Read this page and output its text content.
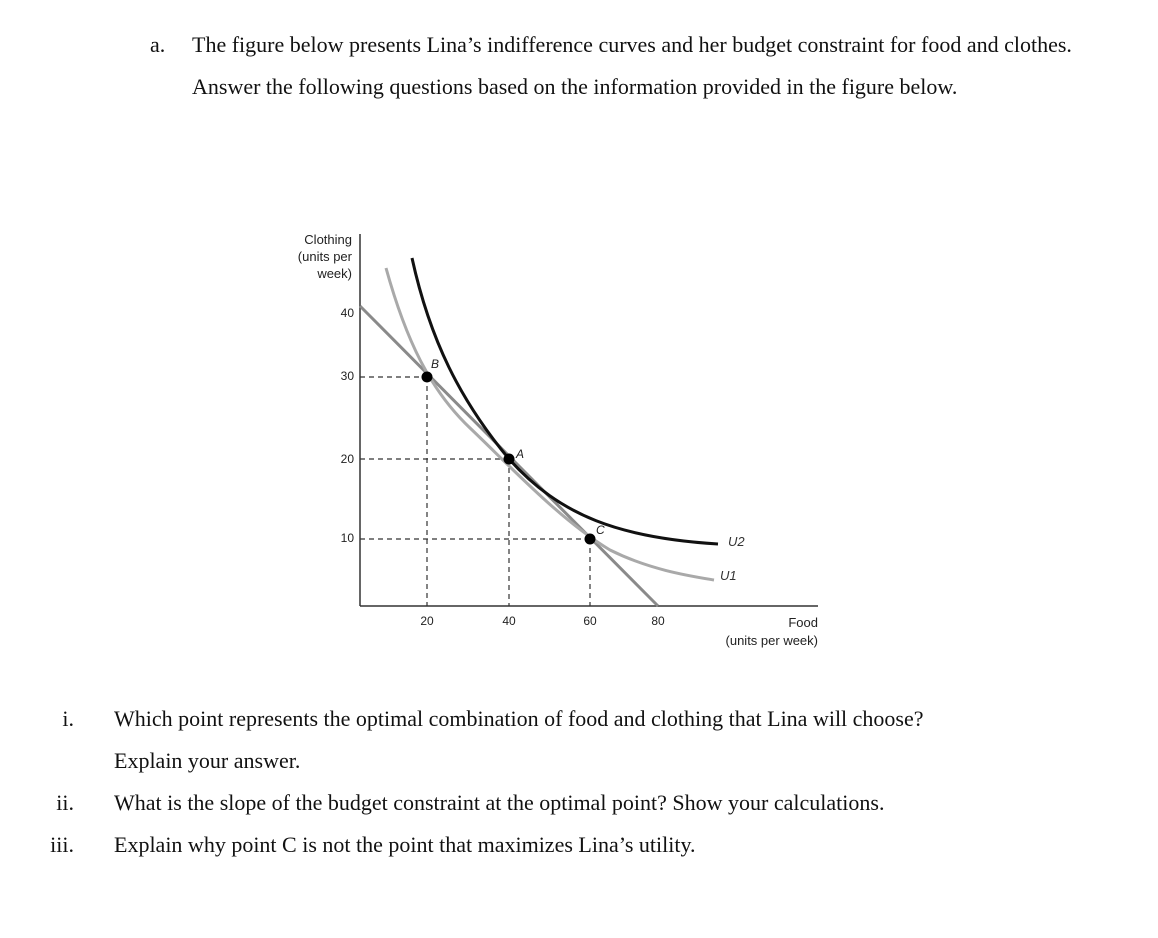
a. The figure below presents Lina’s indifference curves and her budget constraint for food and clothes. Answer the following questions based on the information provided in the figure below.
Clothing
(units per
week)
Food
(units per week)
40
30
20
10
20	40	60	80
U2
U1
B
A
C
i. Which point represents the optimal combination of food and clothing that Lina will choose?
Explain your answer.
ii. What is the slope of the budget constraint at the optimal point? Show your calculations.
iii. Explain why point C is not the point that maximizes Lina’s utility.
